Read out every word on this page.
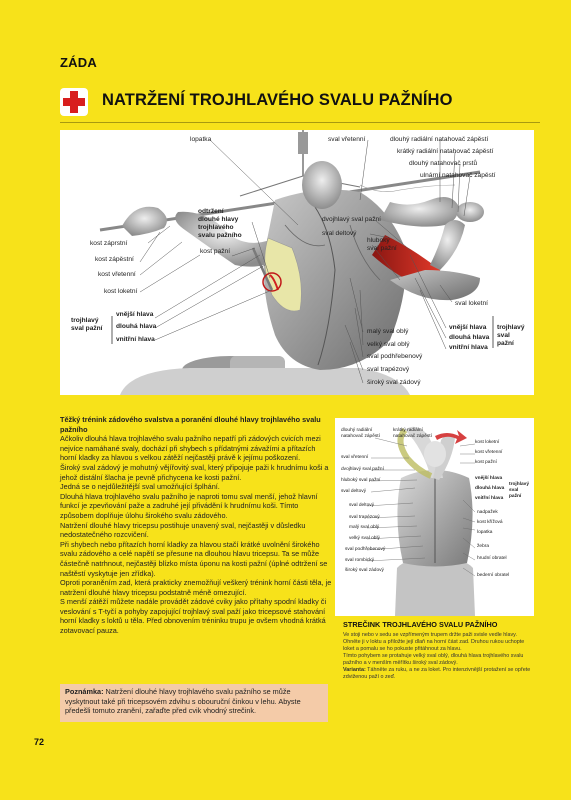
ZÁDA
NATRŽENÍ TROJHLAVÉHO SVALU PAŽNÍHO
lopatka	sval vřetenní	dlouhý radiální natahovač zápěstí
krátký radiální natahovač zápěstí
dlouhý natahovač prstů
ulnární natahovač zápěstí
odtržení
dlouhé hlavy
trojhlavého
svalu pažního
dvojhlavý sval pažní
sval deltový
hluboký
sval pažní
kost záprstní
kost pažní
kost zápěstní
kost vřetenní
kost loketní
sval loketní
trojhlavý
sval pažní
vnější hlava
dlouhá hlava
vnitřní hlava
malý sval oblý
velký sval oblý
sval podhřebenový
sval trapézový
široký sval zádový
vnější hlava
dlouhá hlava
vnitřní hlava
trojhlavý
sval
pažní

Těžký trénink zádového svalstva a poranění dlouhé hlavy trojhlavého svalu pažního

Ačkoliv dlouhá hlava trojhlavého svalu pažního nepatří při zádových cvicích mezi nejvíce namáhané svaly, dochází při shybech s přídatnými závažími a přítazích horní kladky za hlavou s velkou zátěží nejčastěji právě k jejímu poškození.

Široký sval zádový je mohutný vějířovitý sval, který připojuje paži k hrudnímu koši a jehož distální šlacha je pevně přichycena ke kosti pažní.

Jedná se o nejdůležitější sval umožňující šplhání.

Dlouhá hlava trojhlavého svalu pažního je naproti tomu sval menší, jehož hlavní funkcí je zpevňování paže a zadruhé její přivádění k hrudnímu koši. Tímto způsobem doplňuje úlohu širokého svalu zádového.

Natržení dlouhé hlavy tricepsu postihuje unavený sval, nejčastěji v důsledku nedostatečného rozcvičení.

Při shybech nebo přítazích horní kladky za hlavou stačí krátké uvolnění širokého svalu zádového a celé napětí se přesune na dlouhou hlavu tricepsu. Ta se může částečně natrhnout, nejčastěji blízko místa úponu na kosti pažní (úplné odtržení se naštěstí vyskytuje jen zřídka).

Oproti poraněním zad, která prakticky znemožňují veškerý trénink horní části těla, je natržení dlouhé hlavy tricepsu podstatně méně omezující.

S menší zátěží můžete nadále provádět zádové cviky jako přítahy spodní kladky či veslování s T-tyčí a pohyby zapojující trojhlavý sval paží jako tricepsové stahování horní kladky s loktů u těla. Před obnovením tréninku trupu je ovšem vhodná krátká zotavovací pauza.

Poznámka: Natržení dlouhé hlavy trojhlavého svalu pažního se může vyskytnout také při tricepsovém zdvihu s obouruční činkou v lehu. Abyste předešli tomuto zranění, zařaďte před cvik vhodný strečink.
dlouhý radiální
natahovač zápěstí
krátký radiální
natahovač zápěstí
kost loketní
kost vřetenní
kost pažní
sval vřetenní
dvojhlavý sval pažní
hluboký sval pažní
sval deltový
vnější hlava
dlouhá hlava
vnitřní hlava
trojhlavý
sval
pažní
sval deltový
sval trapézový
malý sval oblý
velký sval oblý
sval podhřebenový
sval rombický
široký sval zádový
nadpažek
kost křížová
lopatka
žebra
hrudní obratel
bederní obratel
STREČINK TROJHLAVÉHO SVALU PAŽNÍHO
Ve stoji nebo v sedu se vzpřímeným trupem držte paži svisle vedle hlavy. Ohněte ji v loktu a přiložte její dlaň na horní část zad. Druhou rukou uchopte loket a pomalu se ho pokuste přitáhnout za hlavu.
Tímto pohybem se protahuje velký sval oblý, dlouhá hlava trojhlavého svalu pažního a v menším měřítku široký sval zádový.
Varianta: Táhněte za ruku, a ne za loket. Pro intenzivnější protažení se opřete zdviženou paží o zeď.
72
